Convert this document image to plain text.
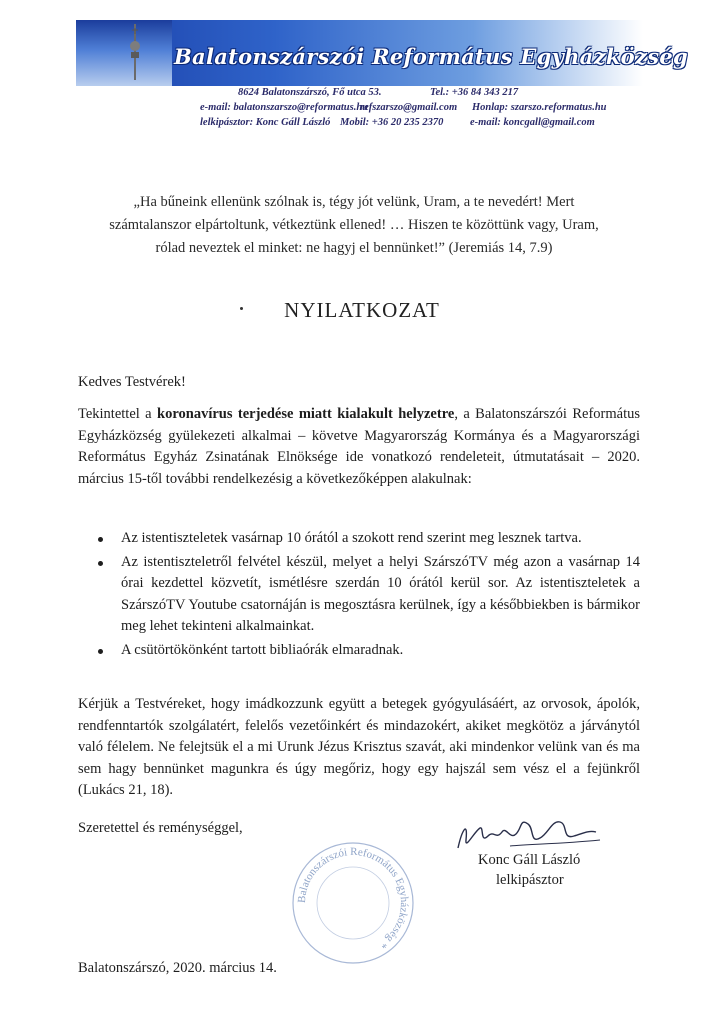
Balatonszárszói Református Egyházközség
8624 Balatonszárszó, Fő utca 53.	Tel.: +36 84 343 217
e-mail: balatonszarszo@reformatus.hu
refszarszo@gmail.com Honlap: szarszo.reformatus.hu
lelkipásztor: Konc Gáll László Mobil: +36 20 235 2370	e-mail: koncgall@gmail.com
„Ha bűneink ellenünk szólnak is, tégy jót velünk, Uram, a te nevedért! Mert
számtalanszor elpártoltunk, vétkeztünk ellened! … Hiszen te közöttünk vagy, Uram,
rólad neveztek el minket: ne hagyj el bennünket!” (Jeremiás 14, 7.9)
NYILATKOZAT
Kedves Testvérek!
Tekintettel a koronavírus terjedése miatt kialakult helyzetre, a Balatonszárszói Református Egyházközség gyülekezeti alkalmai – követve Magyarország Kormánya és a Magyarországi Református Egyház Zsinatának Elnöksége ide vonatkozó rendeleteit, útmutatásait – 2020. március 15-től további rendelkezésig a következőképpen alakulnak:
Az istentiszteletek vasárnap 10 órától a szokott rend szerint meg lesznek tartva.
Az istentiszteletről felvétel készül, melyet a helyi SzárszóTV még azon a vasárnap 14 órai kezdettel közvetít, ismétlésre szerdán 10 órától kerül sor. Az istentiszteletek a SzárszóTV Youtube csatornáján is megosztásra kerülnek, így a későbbiekben is bármikor meg lehet tekinteni alkalmainkat.
A csütörtökönként tartott bibliaórák elmaradnak.
Kérjük a Testvéreket, hogy imádkozzunk együtt a betegek gyógyulásáért, az orvosok, ápolók, rendfenntartók szolgálatért, felelős vezetőinkért és mindazokért, akiket megkötöz a járványtól való félelem. Ne felejtsük el a mi Urunk Jézus Krisztus szavát, aki mindenkor velünk van és ma sem hagy bennünket magunkra és úgy megőriz, hogy egy hajszál sem vész el a fejünkről (Lukács 21, 18).
Szeretettel és reménységgel,
Konc Gáll László
lelkipásztor
Balatonszárszói Református Egyházközség *
Balatonszárszó, 2020. március 14.
